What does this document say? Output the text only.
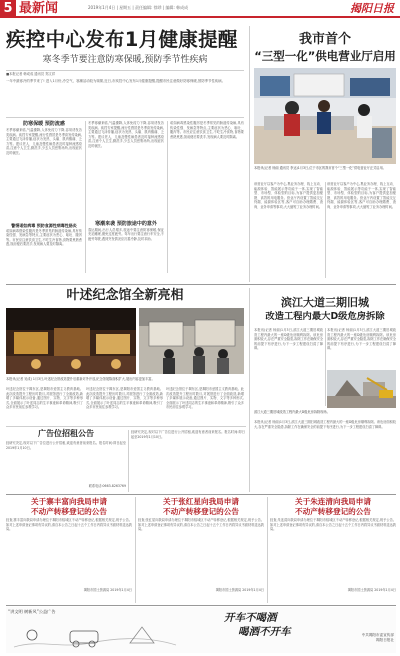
5 最新闻	2019年1月4日 | 星期五 | 责任编辑: 徐珍 | 编辑: 韩成成	揭阳日报
疾控中心发布1月健康提醒
寒冬季节要注意防寒保暖,预防季节性疾病
■本报记者 韩成成 通讯员 郑文祥
一年中最寒冷的季节来了! 进入1月份,冷空气、寒潮活动较为频繁,近日,市疾控中心发布1月健康提醒,提醒市民注意做好防寒保暖,预防季节性疾病。
防寒保暖 预防流感
冬季寒潮来临,气温骤降,人体免疫力下降,容易诱发各类疾病。疾控专家提醒,流行性感冒是冬季高发传染病,主要通过飞沫传播,症状为发热、头痛、肌肉酸痛、乏力等。建议老人、儿童及慢性病患者及时接种流感疫苗,注意个人卫生,勤洗手,少去人员密集场所,出现症状及时就医。
警惕诺如病毒 预防食源性病毒性肠炎
诺如病毒感染性腹泻是冬季常见的肠道传染病,具有传染性强、发病急等特点,主要症状为恶心、呕吐、腹泻等。市民应注意饮食卫生,不吃生冷食物,食物要煮熟煮透,饭前便后要洗手,发现病人要及时隔离。
冬季寒潮来临,气温骤降,人体免疫力下降,容易诱发各类疾病。疾控专家提醒,流行性感冒是冬季高发传染病,主要通过飞沫传播,症状为发热、头痛、肌肉酸痛、乏力等。建议老人、儿童及慢性病患者及时接种流感疫苗,注意个人卫生,勤洗手,少去人员密集场所,出现症状及时就医。
寒潮来袭 预防旅途中的意外
春运期间,出行人员增多,旅途中要注意防寒保暖,保证充足睡眠,避免过度疲劳。驾车出行要注意行车安全,不疲劳驾驶,遇到突发情况应沉着冷静,及时求助。
诺如病毒感染性腹泻是冬季常见的肠道传染病,具有传染性强、发病急等特点,主要症状为恶心、呕吐、腹泻等。市民应注意饮食卫生,不吃生冷食物,食物要煮熟煮透,饭前便后要洗手,发现病人要及时隔离。
我市首个
“三型一化”供电营业厅启用
本报讯(记者 杨丽 通讯员 李达)1月3日,位于市区的我市首个“三型一化”供电营业厅正式启用。
该营业厅以客户为中心,集业务办理、线上互动、能源体验、智能展示等功能于一体,实现了智能型、市场型、体验型的目标,为客户提供更加便捷、高效的用电服务。营业厅内设置了智能交互终端、能源体验区等,客户可自助办理缴费、查询、业务申请等事项,大大缩短了业务办理时间。
该营业厅以客户为中心,集业务办理、线上互动、能源体验、智能展示等功能于一体,实现了智能型、市场型、体验型的目标,为客户提供更加便捷、高效的用电服务。营业厅内设置了智能交互终端、能源体验区等,客户可自助办理缴费、查询、业务申请等事项,大大缩短了业务办理时间。
叶述纪念馆全新亮相
本报讯(记者 吴成) 1月3日,叶述纪念馆改造提升后重新对外开放,纪念馆展陈面积扩大,展出内容更加丰富。
叶述纪念馆位于揭东区,是揭阳市爱国主义教育基地。此次改造提升工程历时数月,对展馆进行了全面改造,新增了多媒体展示设备,通过图片、实物、文字等多种形式,全面展示了叶述同志的生平事迹和革命精神,吸引了众多市民前往参观学习。
叶述纪念馆位于揭东区,是揭阳市爱国主义教育基地。此次改造提升工程历时数月,对展馆进行了全面改造,新增了多媒体展示设备,通过图片、实物、文字等多种形式,全面展示了叶述同志的生平事迹和革命精神,吸引了众多市民前往参观学习。
叶述纪念馆位于揭东区,是揭阳市爱国主义教育基地。此次改造提升工程历时数月,对展馆进行了全面改造,新增了多媒体展示设备,通过图片、实物、文字等多种形式,全面展示了叶述同志的生平事迹和革命精神,吸引了众多市民前往参观学习。
滨江大道三期旧城
改造工程内最大D级危房拆除
本报讯(记者 杨丽)1月3日,滨江大道三期旧城改造工程内最大的一座D级危房顺利拆除。该危房面积较大,存在严重安全隐患,拆除工作在确保安全的前提下有序进行,为下一步工程建设扫清了障碍。
本报讯(记者 杨丽)1月3日,滨江大道三期旧城改造工程内最大的一座D级危房顺利拆除。该危房面积较大,存在严重安全隐患,拆除工作在确保安全的前提下有序进行,为下一步工程建设扫清了障碍。
滨江大道三期旧城改造工程内最大D级危房拆除现场。
本报讯(记者 杨丽)1月3日,滨江大道三期旧城改造工程内最大的一座D级危房顺利拆除。该危房面积较大,存在严重安全隐患,拆除工作在确保安全的前提下有序进行,为下一步工程建设扫清了障碍。
广告位招租公告
经研究决定,现对以下广告位进行公开招租,欢迎有意者前来报名。报名时间:即日起至2019年1月10日。
联系电话:0663-8263769
经研究决定,现对以下广告位进行公开招租,欢迎有意者前来报名。报名时间:即日起至2019年1月10日。
关于寨丰富向我局申请
不动产转移登记的公告
经查,寨丰富向我局申请办理位于揭阳市榕城区不动产转移登记,根据相关规定,现予公告。如对上述申请登记事项有异议的,请自本公告之日起十五个工作日内将异议书面材料送达我局。
揭阳市国土资源局 2019年1月4日
关于张红星向我局申请
不动产转移登记的公告
经查,张红星向我局申请办理位于揭阳市榕城区不动产转移登记,根据相关规定,现予公告。如对上述申请登记事项有异议的,请自本公告之日起十五个工作日内将异议书面材料送达我局。
揭阳市国土资源局 2019年1月4日
关于朱连清向我局申请
不动产转移登记的公告
经查,朱连清向我局申请办理位于揭阳市榕城区不动产转移登记,根据相关规定,现予公告。如对上述申请登记事项有异议的,请自本公告之日起十五个工作日内将异议书面材料送达我局。
揭阳市国土资源局 2019年1月4日
“讲文明 树新风”公益广告
开车不喝酒
喝酒不开车	中共揭阳市委宣传部
揭阳日报社
